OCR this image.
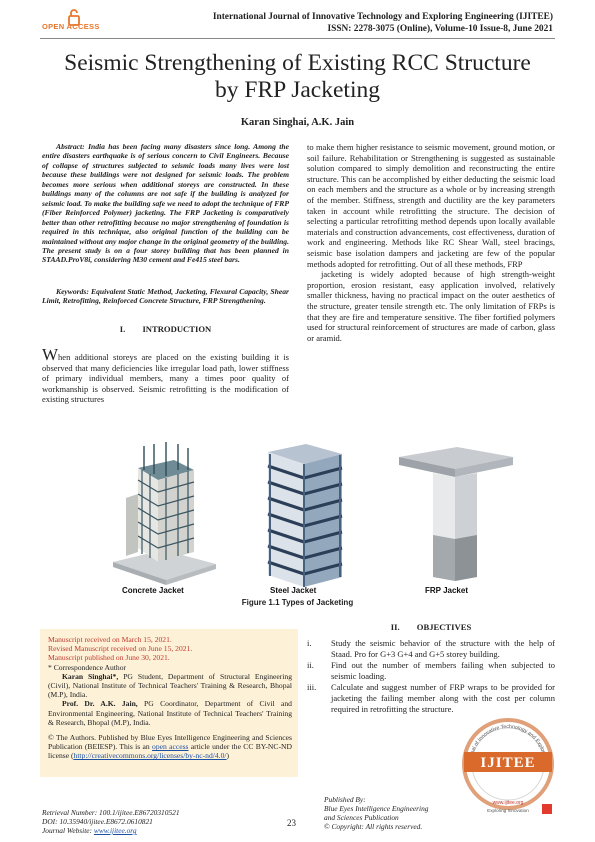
OPEN ACCESS
International Journal of Innovative Technology and Exploring Engineering (IJITEE)
ISSN: 2278-3075 (Online), Volume-10 Issue-8, June 2021
Seismic Strengthening of Existing RCC Structure
by FRP Jacketing
Karan Singhai, A.K. Jain

Abstract: India has been facing many disasters since long. Among the entire disasters earthquake is of serious concern to Civil Engineers. Because of collapse of structures subjected to seismic loads many lives were lost because these buildings were not designed for seismic loads. The problem becomes more serious when additional storeys are constructed. In these buildings many of the columns are not safe if the building is analyzed for seismic load. To make the building safe we need to adopt the technique of FRP (Fiber Reinforced Polymer) jacketing. The FRP Jacketing is comparatively better than other retrofitting because no major strengthening of foundation is required in this technique, also original function of the building can be maintained without any major change in the original geometry of the building. The present study is on a four storey building that has been planned in STAAD.ProV8i, considering M30 cement and Fe415 steel bars.

Keywords: Equivalent Static Method, Jacketing, Flexural Capacity, Shear Limit, Retrofitting, Reinforced Concrete Structure, FRP Strengthening.

I.  INTRODUCTION

When additional storeys are placed on the existing building it is observed that many deficiencies like irregular load path, lower stiffness of primary individual members, many a times poor quality of workmanship is observed. Seismic retrofitting is the modification of existing structures

to make them higher resistance to seismic movement, ground motion, or soil failure. Rehabilitation or Strengthening is suggested as sustainable solution compared to simply demolition and reconstructing the entire structure. This can be accomplished by either deducting the seismic load on each members and the structure as a whole or by increasing strength of the member. Stiffness, strength and ductility are the key parameters taken in account while retrofitting the structure. The decision of selecting a particular retrofitting method depends upon locally available materials and construction advancements, cost effectiveness, duration of work and engineering. Methods like RC Shear Wall, steel bracings, seismic base isolation dampers and jacketing are few of the popular methods adopted for retrofitting. Out of all these methods, FRP

jacketing is widely adopted because of high strength-weight proportion, erosion resistant, easy application involved, relatively smaller thickness, having no practical impact on the outer aesthetics of the structure, greater tensile strength etc. The only limitation of FRPs is that they are fire and temperature sensitive. The fiber fortified polymers used for structural reinforcement of structures are made of carbon, glass or aramid.

Concrete Jacket	Steel Jacket	FRP Jacket
Figure 1.1 Types of Jacketing

Manuscript received on March 15, 2021.

Revised Manuscript received on June 15, 2021.

Manuscript published on June 30, 2021.

* Correspondence Author

Karan Singhai*, PG Student, Department of Structural Engineering (Civil), National Institute of Technical Teachers' Training & Research, Bhopal (M.P), India.

Prof. Dr. A.K. Jain, PG Coordinator, Department of Civil and Environmental Engineering, National Institute of Technical Teachers' Training & Research, Bhopal (M.P), India.

© The Authors. Published by Blue Eyes Intelligence Engineering and Sciences Publication (BEIESP). This is an open access article under the CC BY-NC-ND license (http://creativecommons.org/licenses/by-nc-nd/4.0/)

II.  OBJECTIVES
i.	Study the seismic behavior of the structure with the help of Staad. Pro for G+3 G+4 and G+5 storey building.
ii.	Find out the number of members failing when subjected to seismic loading.
iii.	Calculate and suggest number of FRP wraps to be provided for jacketing the failing member along with the cost per column required in retrofitting the structure.
al of Innovative Technology and Explo
IJITEE
www.ijitee.org
Exploring Innovation
Retrieval Number: 100.1/ijitee.E86720310521
DOI: 10.35940/ijitee.E8672.0610821
Journal Website: www.ijitee.org
23
Published By:
Blue Eyes Intelligence Engineering
and Sciences Publication
© Copyright: All rights reserved.
